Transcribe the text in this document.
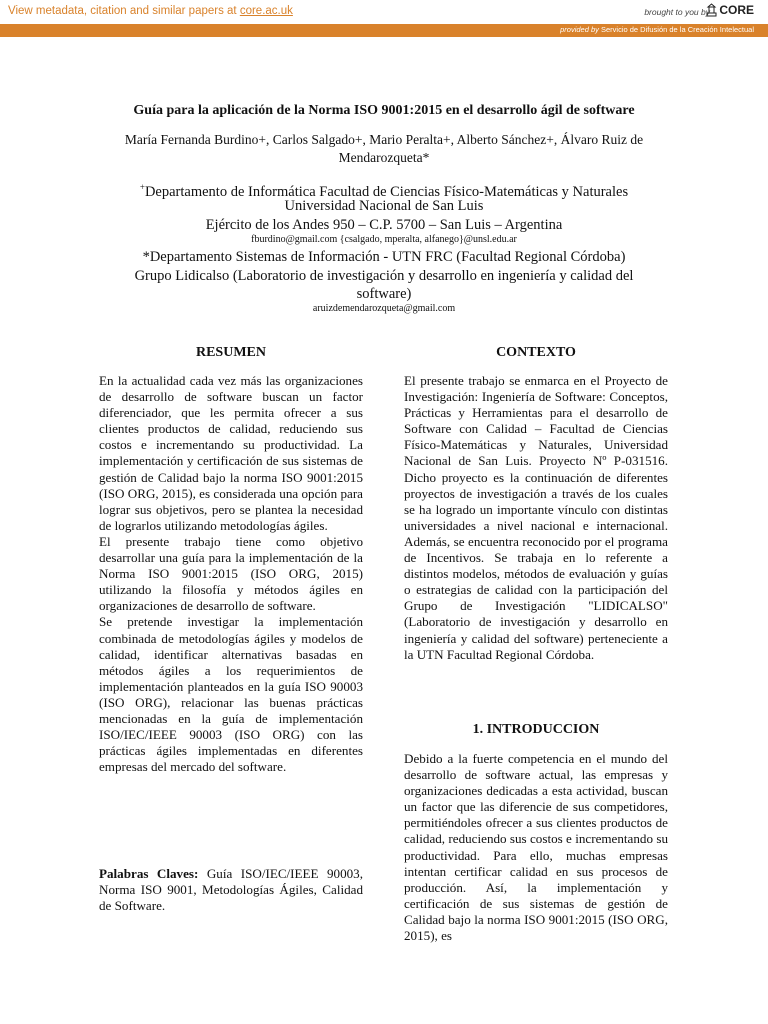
View metadata, citation and similar papers at core.ac.uk	brought to you by CORE
provided by Servicio de Difusión de la Creación Intelectual
Guía para la aplicación de la Norma ISO 9001:2015 en el desarrollo ágil de software
María Fernanda Burdino+, Carlos Salgado+, Mario Peralta+, Alberto Sánchez+, Álvaro Ruiz de
Mendarozqueta*
+Departamento de Informática Facultad de Ciencias Físico-Matemáticas y Naturales
Universidad Nacional de San Luis
Ejército de los Andes 950 – C.P. 5700 – San Luis – Argentina
fburdino@gmail.com {csalgado, mperalta, alfanego}@unsl.edu.ar
*Departamento Sistemas de Información - UTN FRC (Facultad Regional Córdoba)
Grupo Lidicalso (Laboratorio de investigación y desarrollo en ingeniería y calidad del
software)
aruizdemendarozqueta@gmail.com
RESUMEN

En la actualidad cada vez más las organizaciones de desarrollo de software buscan un factor diferenciador, que les permita ofrecer a sus clientes productos de calidad, reduciendo sus costos e incrementando su productividad. La implementación y certificación de sus sistemas de gestión de Calidad bajo la norma ISO 9001:2015 (ISO ORG, 2015), es considerada una opción para lograr sus objetivos, pero se plantea la necesidad de lograrlos utilizando metodologías ágiles.

El presente trabajo tiene como objetivo desarrollar una guía para la implementación de la Norma ISO 9001:2015 (ISO ORG, 2015) utilizando la filosofía y métodos ágiles en organizaciones de desarrollo de software.

Se pretende investigar la implementación combinada de metodologías ágiles y modelos de calidad, identificar alternativas basadas en métodos ágiles a los requerimientos de implementación planteados en la guía ISO 90003 (ISO ORG), relacionar las buenas prácticas mencionadas en la guía de implementación ISO/IEC/IEEE 90003 (ISO ORG) con las prácticas ágiles implementadas en diferentes empresas del mercado del software.

Palabras Claves: Guía ISO/IEC/IEEE 90003, Norma ISO 9001, Metodologías Ágiles, Calidad de Software.

CONTEXTO

El presente trabajo se enmarca en el Proyecto de Investigación: Ingeniería de Software: Conceptos, Prácticas y Herramientas para el desarrollo de Software con Calidad – Facultad de Ciencias Físico-Matemáticas y Naturales, Universidad Nacional de San Luis. Proyecto Nº P-031516. Dicho proyecto es la continuación de diferentes proyectos de investigación a través de los cuales se ha logrado un importante vínculo con distintas universidades a nivel nacional e internacional. Además, se encuentra reconocido por el programa de Incentivos. Se trabaja en lo referente a distintos modelos, métodos de evaluación y guías o estrategias de calidad con la participación del Grupo de Investigación "LIDICALSO" (Laboratorio de investigación y desarrollo en ingeniería y calidad del software) perteneciente a la UTN Facultad Regional Córdoba.

1. INTRODUCCION

Debido a la fuerte competencia en el mundo del desarrollo de software actual, las empresas y organizaciones dedicadas a esta actividad, buscan un factor que las diferencie de sus competidores, permitiéndoles ofrecer a sus clientes productos de calidad, reduciendo sus costos e incrementando su productividad. Para ello, muchas empresas intentan certificar calidad en sus procesos de producción. Así, la implementación y certificación de sus sistemas de gestión de Calidad bajo la norma ISO 9001:2015 (ISO ORG, 2015), es
